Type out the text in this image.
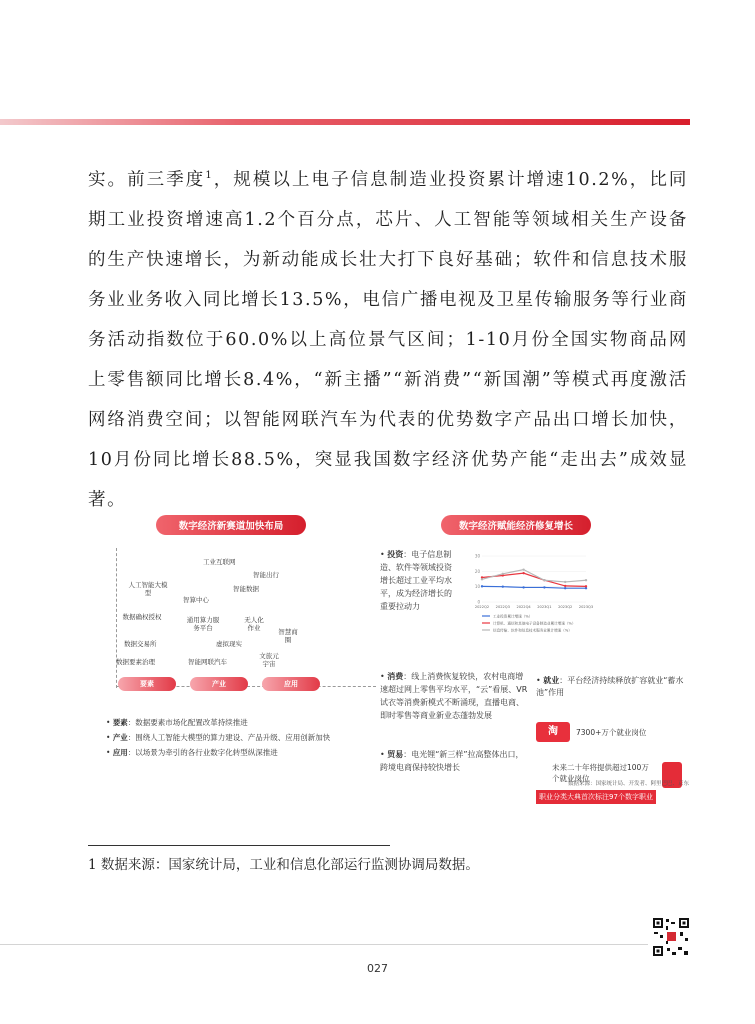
实。前三季度$^1$，规模以上电子信息制造业投资累计增速10.2%，比同期工业投资增速高1.2个百分点，芯片、人工智能等领域相关生产设备的生产快速增长，为新动能成长壮大打下良好基础；软件和信息技术服务业业务收入同比增长13.5%，电信广播电视及卫星传输服务等行业商务活动指数位于60.0%以上高位景气区间；1-10月份全国实物商品网上零售额同比增长8.4%，“新主播”“新消费”“新国潮”等模式再度激活网络消费空间；以智能网联汽车为代表的优势数字产品出口增长加快，10月份同比增长88.5%，突显我国数字经济优势产能“走出去”成效显著。

数字经济新赛道加快布局	数字经济赋能经济修复增长
工业互联网
智能出行
人工智能大模型	智能数据
智算中心
数据确权授权	通用算力服务平台
无人化作业	智慧商圈
数据交易所	虚拟现实
数据要素治理	智能网联汽车
文旅元宇宙
要素	产业	应用
• 要素：数据要素市场化配置改革持续推进
• 产业：围绕人工智能大模型的算力建设、产品升级、应用创新加快
• 应用：以场景为牵引的各行业数字化转型纵深推进
• 投资：电子信息制造、软件等领域投资增长超过工业平均水平，成为经济增长的重要拉动力	0
10
20
30
2022Q2 2022Q3 2022Q4 2023Q1 2023Q2 2023Q3
工业投资累计增速（%）
计算机、通信和其他电子设备制造业累计增速（%）
信息传输、软件和信息技术服务业累计增速（%）
• 消费：线上消费恢复较快，农村电商增速超过网上零售平均水平，“云”看展、VR试衣等消费新模式不断涌现，直播电商、即时零售等商业新业态蓬勃发展
• 贸易：电光锂“新三样”拉高整体出口，跨境电商保持较快增长
• 就业：平台经济持续释放扩容就业“蓄水池”作用
淘	7300+万个就业岗位
未来二十年将提供超过100万个就业岗位
职业分类大典首次标注97个数字职业
数据来源：国家统计局、开发者、阿里巴巴、京东
1 数据来源：国家统计局，工业和信息化部运行监测协调局数据。
027
